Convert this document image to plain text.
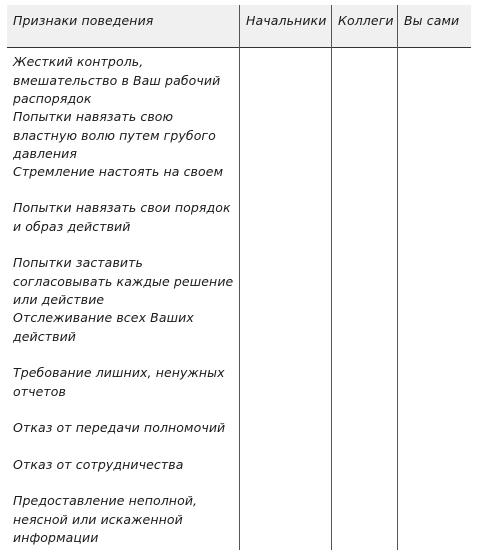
Признаки поведения	Начальники Коллеги Вы сами
Жесткий контроль, вмешательство в Ваш рабочий распорядок
Попытки навязать свою властную волю путем грубого давления
Стремление настоять на своем
Попытки навязать свои порядок и образ действий
Попытки заставить согласовывать каждые решение или действие
Отслеживание всех Ваших действий
Требование лишних, ненужных отчетов
Отказ от передачи полномочий
Отказ от сотрудничества
Предоставление неполной, неясной или искаженной информации
